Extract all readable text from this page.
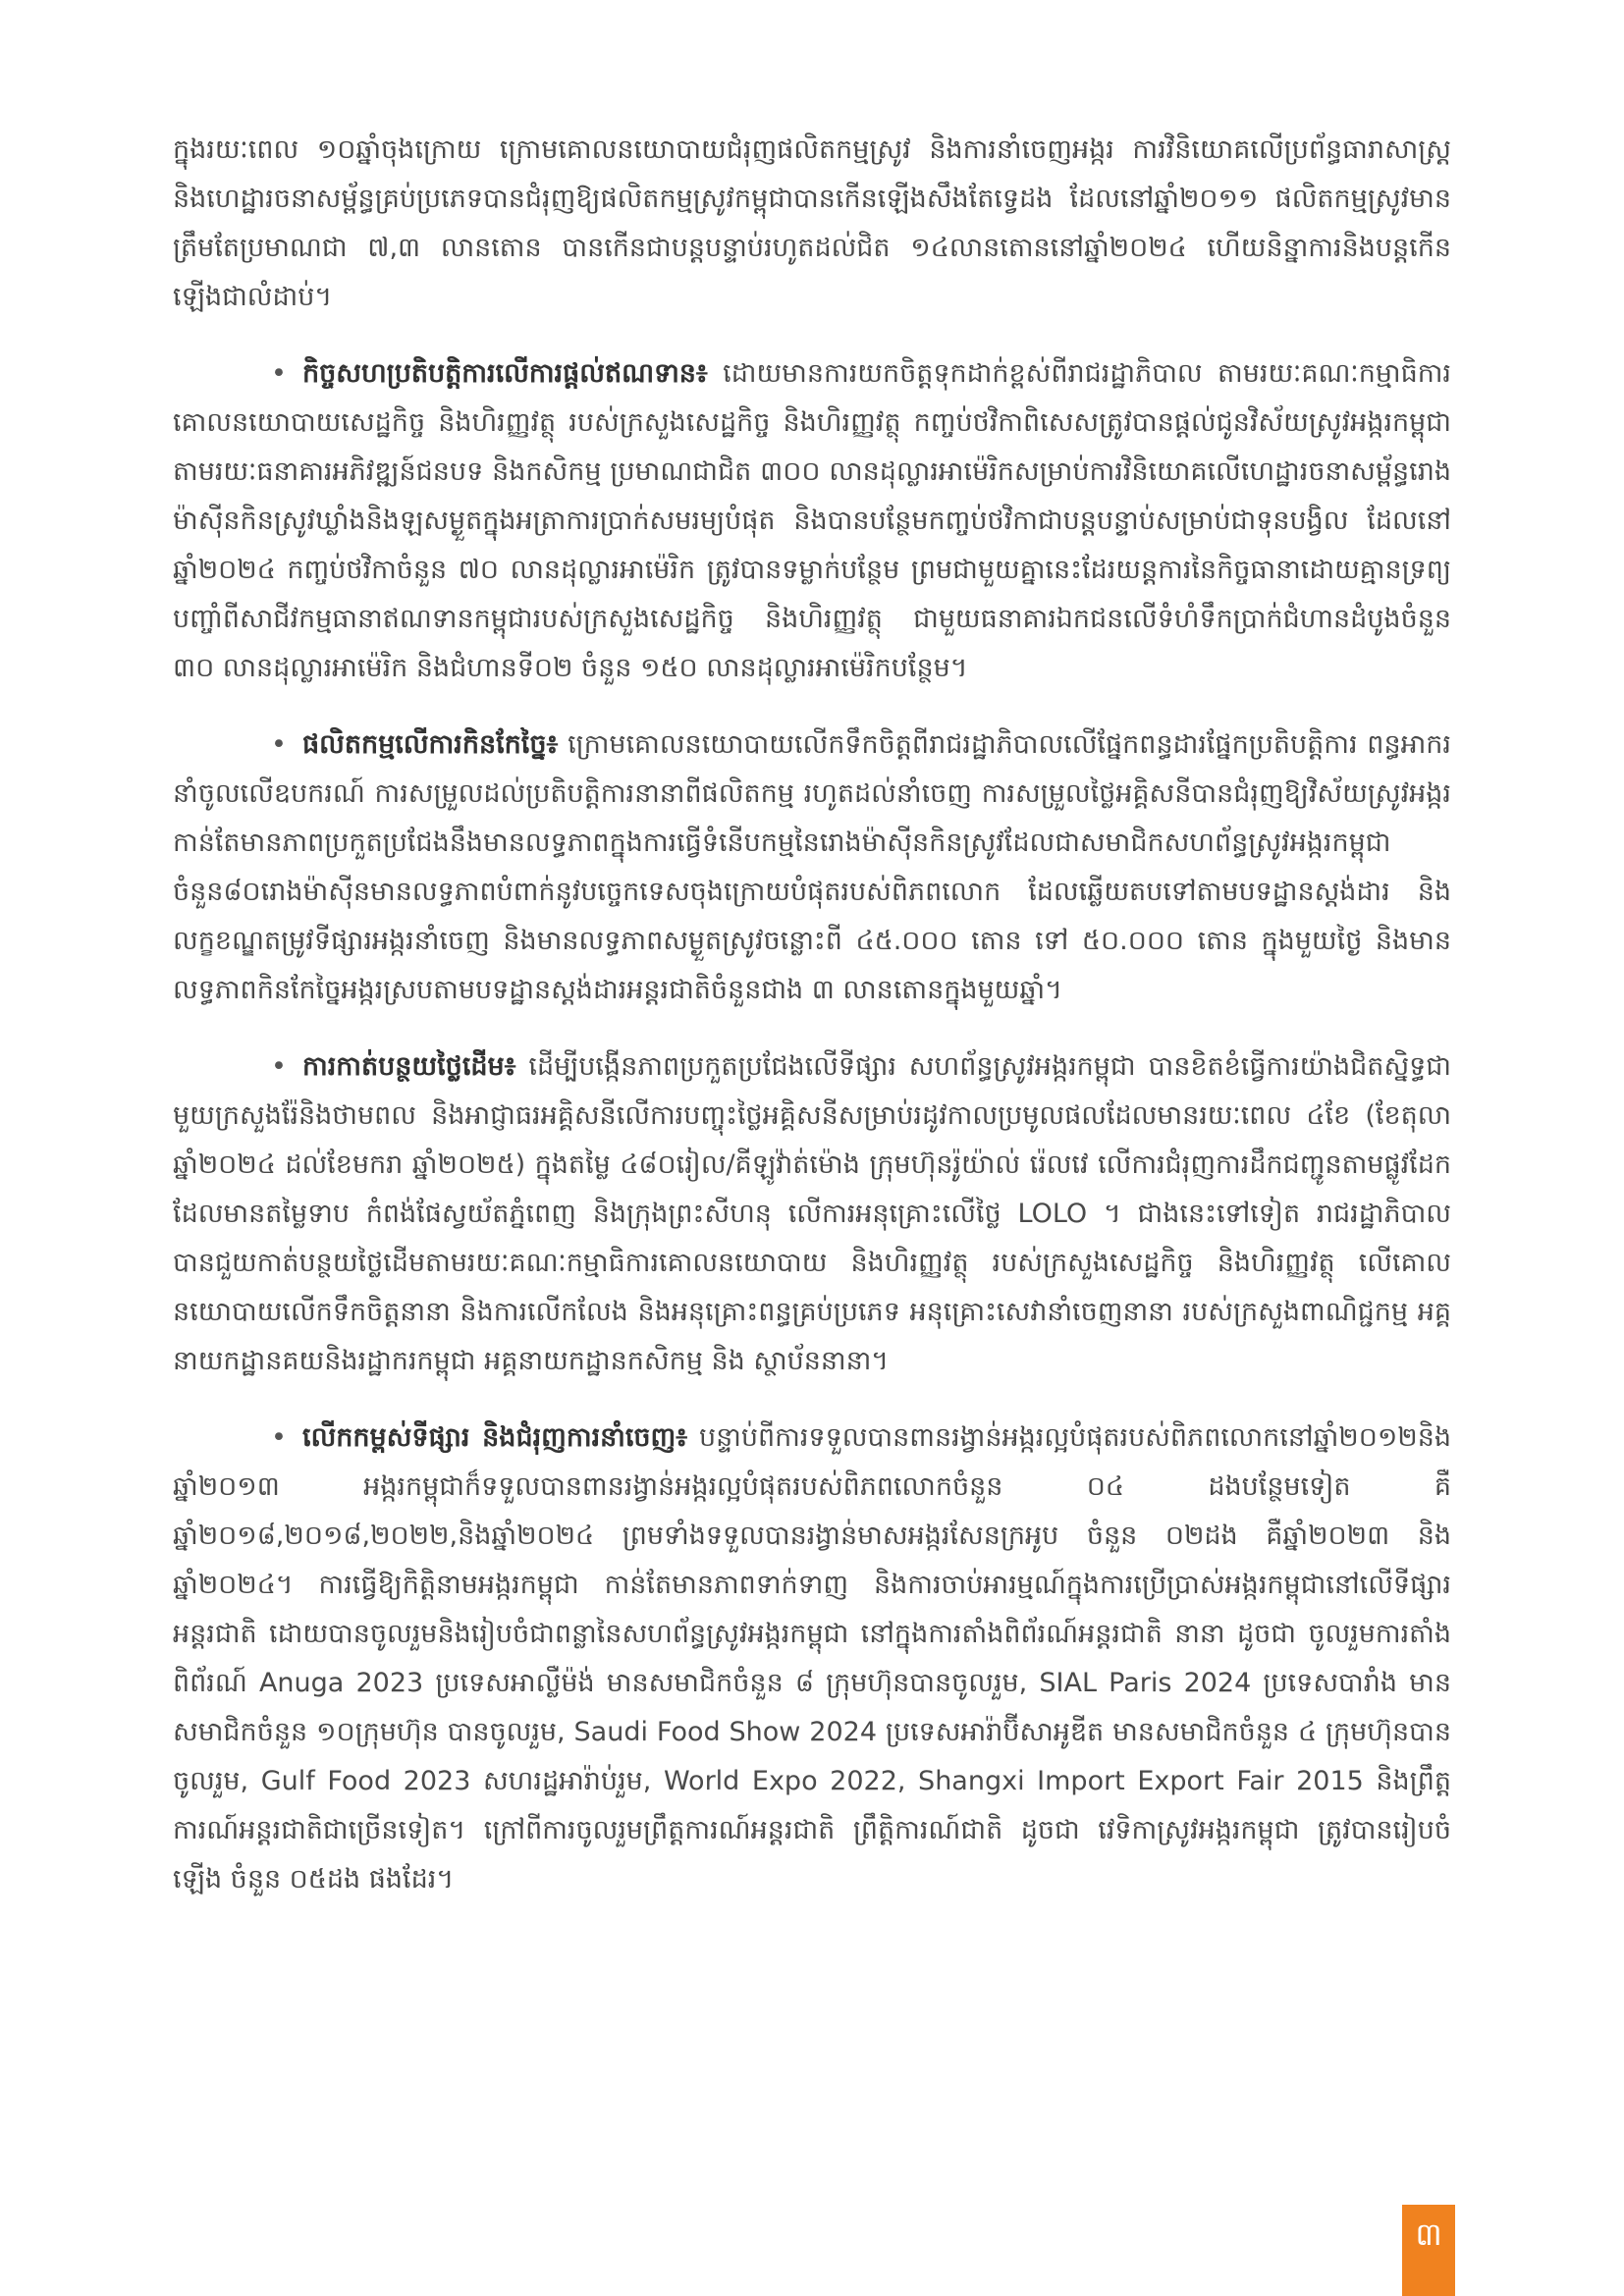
ក្នុងរយៈពេល ១០ឆ្នាំចុងក្រោយ ក្រោមគោលនយោបាយជំរុញផលិតកម្មស្រូវ និងការនាំចេញអង្ករ ការវិនិយោគលើប្រព័ន្ធធារាសាស្ត្រ និងហេដ្ឋារចនាសម្ព័ន្ធគ្រប់ប្រភេទបានជំរុញឱ្យផលិតកម្មស្រូវកម្ពុជាបានកើនឡើងសឹងតែទ្វេដង ដែលនៅឆ្នាំ២០១១ ផលិតកម្មស្រូវមានត្រឹមតែប្រមាណជា ៧,៣ លានតោន បានកើនជាបន្តបន្ទាប់រហូតដល់ជិត ១៤លានតោននៅឆ្នាំ២០២៤ ហើយនិន្នាការនិងបន្តកើនឡើងជាលំដាប់។

• កិច្ចសហប្រតិបត្តិការលើការផ្តល់ឥណទាន៖ ដោយមានការយកចិត្តទុកដាក់ខ្ពស់ពីរាជរដ្ឋាភិបាល តាមរយៈគណៈកម្មាធិការគោលនយោបាយសេដ្ឋកិច្ច និងហិរញ្ញវត្ថុ របស់ក្រសួងសេដ្ឋកិច្ច និងហិរញ្ញវត្ថុ កញ្ចប់ថវិកាពិសេសត្រូវបានផ្តល់ជូនវិស័យស្រូវអង្ករកម្ពុជា តាមរយៈធនាគារអភិវឌ្ឍន៍ជនបទ និងកសិកម្ម ប្រមាណជាជិត ៣០០ លានដុល្លារអាម៉េរិកសម្រាប់ការវិនិយោគលើហេដ្ឋារចនាសម្ព័ន្ធរោងម៉ាស៊ីនកិនស្រូវឃ្លាំងនិងឡសម្ងួតក្នុងអត្រាការប្រាក់សមរម្យបំផុត និងបានបន្ថែមកញ្ចប់ថវិកាជាបន្តបន្ទាប់សម្រាប់ជាទុនបង្វិល ដែលនៅឆ្នាំ២០២៤ កញ្ចប់ថវិកាចំនួន ៧០ លានដុល្លារអាម៉េរិក ត្រូវបានទម្លាក់បន្ថែម ព្រមជាមួយគ្នានេះដែរយន្តការនៃកិច្ចធានាដោយគ្មានទ្រព្យបញ្ចាំពីសាជីវកម្មធានាឥណទានកម្ពុជារបស់ក្រសួងសេដ្ឋកិច្ច និងហិរញ្ញវត្ថុ ជាមួយធនាគារឯកជនលើទំហំទឹកប្រាក់ជំហានដំបូងចំនួន ៣០ លានដុល្លារអាម៉េរិក និងជំហានទី០២ ចំនួន ១៥០ លានដុល្លារអាម៉េរិកបន្ថែម។

• ផលិតកម្មលើការកិនកែច្នៃ៖ ក្រោមគោលនយោបាយលើកទឹកចិត្តពីរាជរដ្ឋាភិបាលលើផ្នែកពន្ធដារផ្នែកប្រតិបត្តិការ ពន្ធអាករនាំចូលលើឧបករណ៍ ការសម្រួលដល់ប្រតិបត្តិការនានាពីផលិតកម្ម រហូតដល់នាំចេញ ការសម្រួលថ្លៃអគ្គិសនីបានជំរុញឱ្យវិស័យស្រូវអង្ករកាន់តែមានភាពប្រកួតប្រជែងនឹងមានលទ្ធភាពក្នុងការធ្វើទំនើបកម្មនៃរោងម៉ាស៊ីនកិនស្រូវដែលជាសមាជិកសហព័ន្ធស្រូវអង្ករកម្ពុជាចំនួន៨០រោងម៉ាស៊ីនមានលទ្ធភាពបំពាក់នូវបច្ចេកទេសចុងក្រោយបំផុតរបស់ពិភពលោក ដែលឆ្លើយតបទៅតាមបទដ្ឋានស្តង់ដារ និងលក្ខខណ្ឌតម្រូវទីផ្សារអង្ករនាំចេញ និងមានលទ្ធភាពសម្ងួតស្រូវចន្លោះពី ៤៥.០០០ តោន ទៅ ៥០.០០០ តោន ក្នុងមួយថ្ងៃ និងមានលទ្ធភាពកិនកែច្នៃអង្ករស្របតាមបទដ្ឋានស្តង់ដារអន្តរជាតិចំនួនជាង ៣ លានតោនក្នុងមួយឆ្នាំ។

• ការកាត់បន្ថយថ្លៃដើម៖ ដើម្បីបង្កើនភាពប្រកួតប្រជែងលើទីផ្សារ សហព័ន្ធស្រូវអង្ករកម្ពុជា បានខិតខំធ្វើការយ៉ាងជិតស្និទ្ធជាមួយក្រសួងរ៉ែនិងថាមពល និងអាជ្ញាធរអគ្គិសនីលើការបញ្ចុះថ្លៃអគ្គិសនីសម្រាប់រដូវកាលប្រមូលផលដែលមានរយៈពេល ៤ខែ (ខែតុលា ឆ្នាំ២០២៤ ដល់ខែមករា ឆ្នាំ២០២៥) ក្នុងតម្លៃ ៤៨០រៀល/គីឡូវ៉ាត់ម៉ោង ក្រុមហ៊ុនរ៉ូយ៉ាល់ រ៉េលវេ លើការជំរុញការដឹកជញ្ជូនតាមផ្លូវដែកដែលមានតម្លៃទាប កំពង់ផែស្វយ័តភ្នំពេញ និងក្រុងព្រះសីហនុ លើការអនុគ្រោះលើថ្លៃ LOLO ។ ជាងនេះទៅទៀត រាជរដ្ឋាភិបាលបានជួយកាត់បន្ថយថ្លៃដើមតាមរយៈគណៈកម្មាធិការគោលនយោបាយ និងហិរញ្ញវត្ថុ របស់ក្រសួងសេដ្ឋកិច្ច និងហិរញ្ញវត្ថុ លើគោលនយោបាយលើកទឹកចិត្តនានា និងការលើកលែង និងអនុគ្រោះពន្ធគ្រប់ប្រភេទ អនុគ្រោះសេវានាំចេញនានា របស់ក្រសួងពាណិជ្ជកម្ម អគ្គនាយកដ្ឋានគយនិងរដ្ឋាករកម្ពុជា អគ្គនាយកដ្ឋានកសិកម្ម និង ស្ថាប័ននានា។

• លើកកម្ពស់ទីផ្សារ និងជំរុញការនាំចេញ៖ បន្ទាប់ពីការទទួលបានពានរង្វាន់អង្ករល្អបំផុតរបស់ពិភពលោកនៅឆ្នាំ២០១២និងឆ្នាំ២០១៣ អង្ករកម្ពុជាក៏ទទួលបានពានរង្វាន់អង្ករល្អបំផុតរបស់ពិភពលោកចំនួន ០៤ ដងបន្ថែមទៀត គឺឆ្នាំ២០១៨,២០១៨,២០២២,និងឆ្នាំ២០២៤ ព្រមទាំងទទួលបានរង្វាន់មាសអង្ករសែនក្រអូប ចំនួន ០២ដង គឺឆ្នាំ២០២៣ និងឆ្នាំ២០២៤។ ការធ្វើឱ្យកិត្តិនាមអង្ករកម្ពុជា កាន់តែមានភាពទាក់ទាញ និងការចាប់អារម្មណ៍ក្នុងការប្រើប្រាស់អង្ករកម្ពុជានៅលើទីផ្សារអន្តរជាតិ ដោយបានចូលរួមនិងរៀបចំជាពន្លានៃសហព័ន្ធស្រូវអង្ករកម្ពុជា នៅក្នុងការតាំងពិព័រណ៍អន្តរជាតិ នានា ដូចជា ចូលរួមការតាំងពិព័រណ៍ Anuga 2023 ប្រទេសអាល្លឺម៉ង់ មានសមាជិកចំនួន ៨ ក្រុមហ៊ុនបានចូលរួម, SIAL Paris 2024 ប្រទេសបារាំង មានសមាជិកចំនួន ១០ក្រុមហ៊ុន បានចូលរួម, Saudi Food Show 2024 ប្រទេសអារ៉ាប៊ីសាអូឌីត មានសមាជិកចំនួន ៤ ក្រុមហ៊ុនបានចូលរួម, Gulf Food 2023 សហរដ្ឋអារ៉ាប់រួម, World Expo 2022, Shangxi Import Export Fair 2015 និងព្រឹត្តការណ៍អន្តរជាតិជាច្រើនទៀត។ ក្រៅពីការចូលរួមព្រឹត្តការណ៍អន្តរជាតិ ព្រឹត្តិការណ៍ជាតិ ដូចជា វេទិកាស្រូវអង្ករកម្ពុជា ត្រូវបានរៀបចំឡើង ចំនួន ០៥ដង ផងដែរ។

៣
